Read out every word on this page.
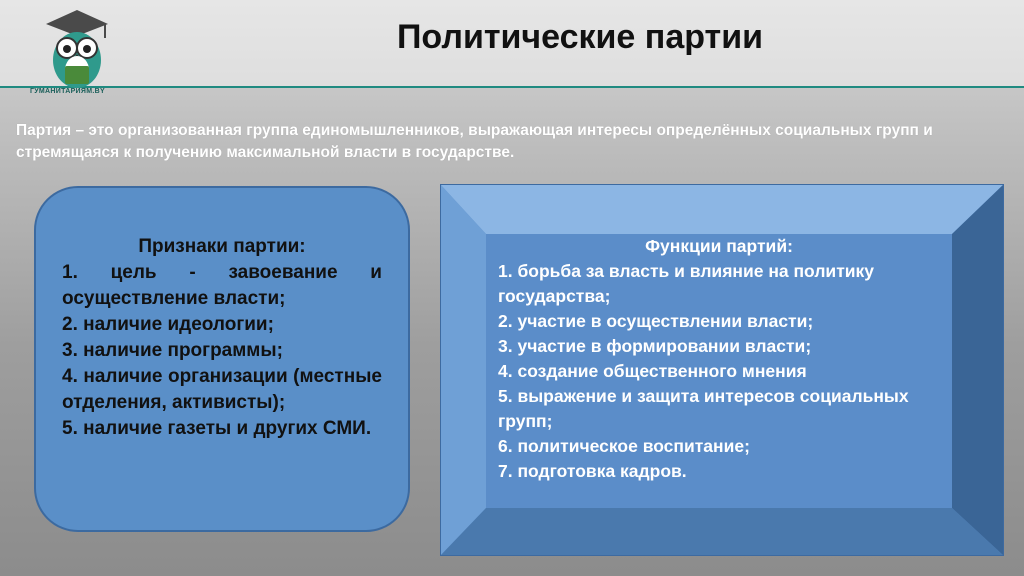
ГУМАНИТАРИЯМ.BY
Политические партии
Партия – это организованная группа единомышленников, выражающая интересы определённых социальных групп и стремящаяся к получению максимальной власти в государстве.
Признаки партии:
1. цель - завоевание и осуществление власти;
2. наличие идеологии;
3. наличие программы;
4. наличие организации (местные отделения, активисты);
5. наличие газеты и других СМИ.
Функции партий:
1. борьба за власть и влияние на политику государства;
2. участие в осуществлении власти;
3. участие в формировании власти;
4. создание общественного мнения
5. выражение и защита интересов социальных групп;
6. политическое воспитание;
7. подготовка кадров.
